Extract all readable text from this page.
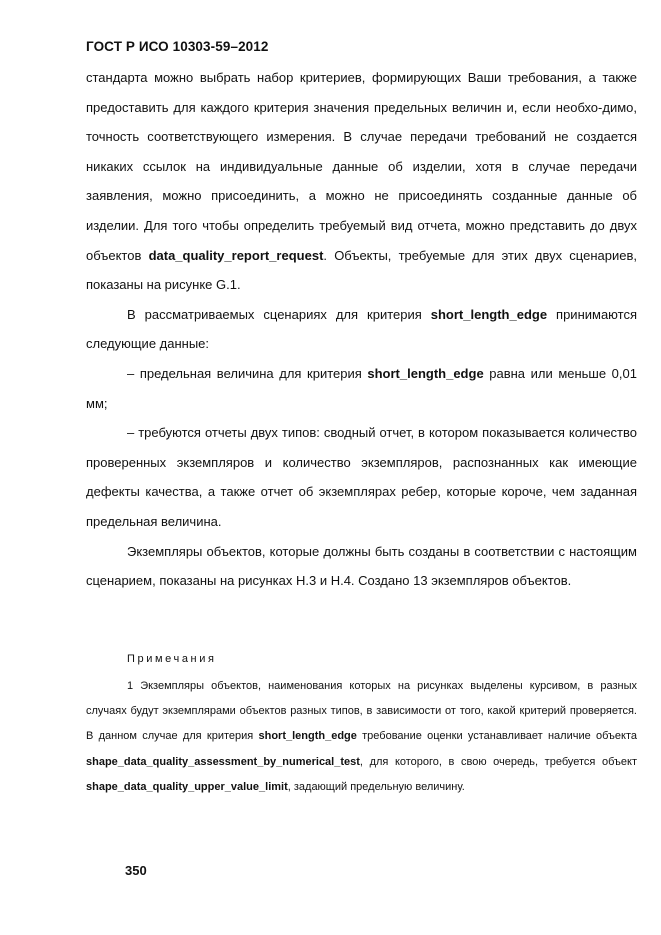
ГОСТ Р ИСО 10303-59–2012

стандарта можно выбрать набор критериев, формирующих Ваши требования, а также предоставить для каждого критерия значения предельных величин и, если необхо-димо, точность соответствующего измерения. В случае передачи требований не создается никаких ссылок на индивидуальные данные об изделии, хотя в случае передачи заявления, можно присоединить, а можно не присоединять созданные данные об изделии. Для того чтобы определить требуемый вид отчета, можно представить до двух объектов data_quality_report_request. Объекты, требуемые для этих двух сценариев, показаны на рисунке G.1.

В рассматриваемых сценариях для критерия short_length_edge принимаются следующие данные:

– предельная величина для критерия short_length_edge равна или меньше 0,01 мм;

– требуются отчеты двух типов: сводный отчет, в котором показывается количество проверенных экземпляров и количество экземпляров, распознанных как имеющие дефекты качества, а также отчет об экземплярах ребер, которые короче, чем заданная предельная величина.

Экземпляры объектов, которые должны быть созданы в соответствии с настоящим сценарием, показаны на рисунках Н.3 и Н.4. Создано 13 экземпляров объектов.

Примечания

1 Экземпляры объектов, наименования которых на рисунках выделены курсивом, в разных случаях будут экземплярами объектов разных типов, в зависимости от того, какой критерий проверяется. В данном случае для критерия short_length_edge требование оценки устанавливает наличие объекта shape_data_quality_assessment_by_numerical_test, для которого, в свою очередь, требуется объект shape_data_quality_upper_value_limit, задающий предельную величину.

350
